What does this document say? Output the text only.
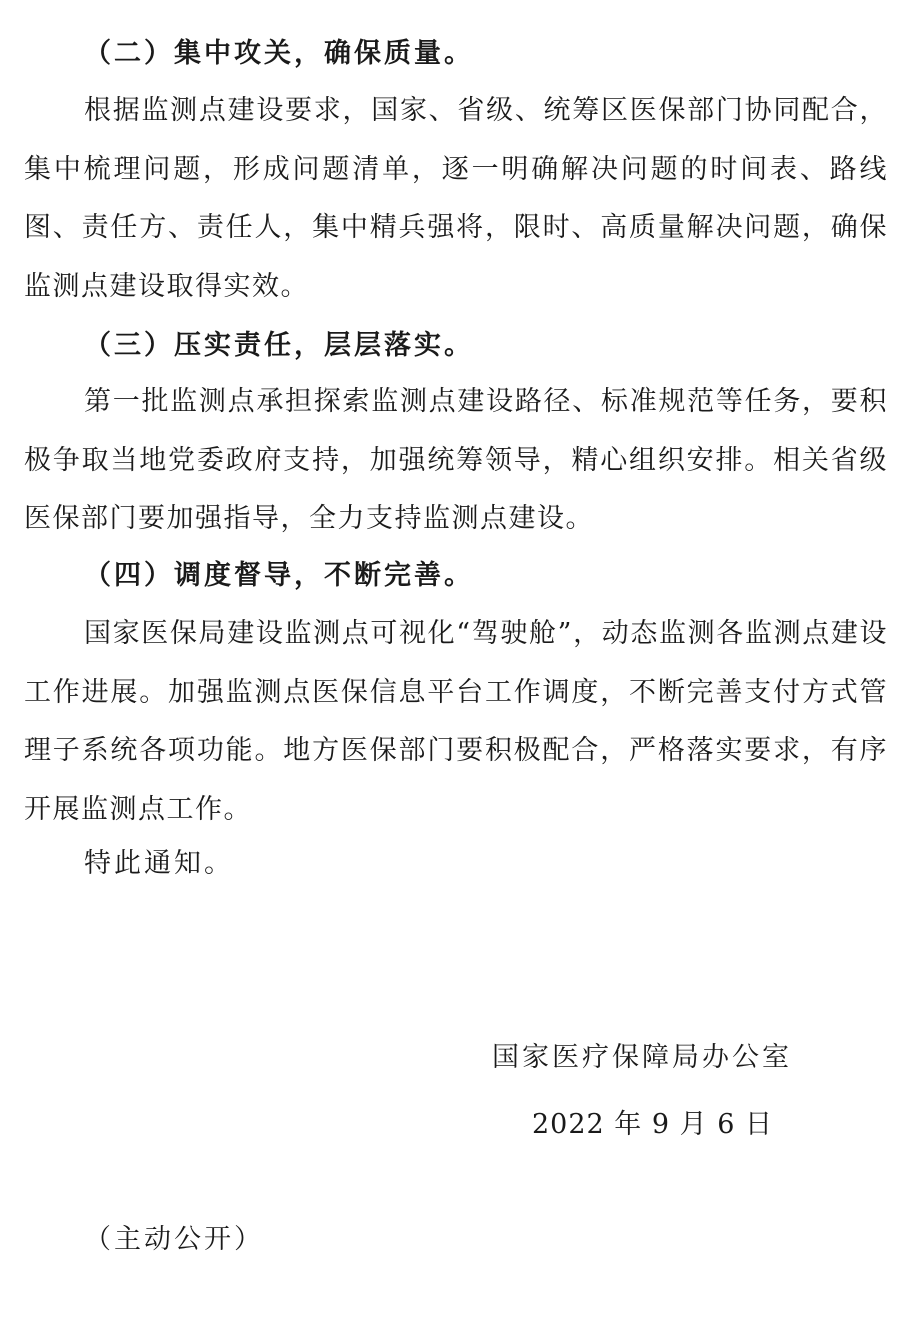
（二）集中攻关，确保质量。

根据监测点建设要求，国家、省级、统筹区医保部门协同配合，集中梳理问题，形成问题清单，逐一明确解决问题的时间表、路线图、责任方、责任人，集中精兵强将，限时、高质量解决问题，确保监测点建设取得实效。

（三）压实责任，层层落实。

第一批监测点承担探索监测点建设路径、标准规范等任务，要积极争取当地党委政府支持，加强统筹领导，精心组织安排。相关省级医保部门要加强指导，全力支持监测点建设。

（四）调度督导，不断完善。

国家医保局建设监测点可视化“驾驶舱”，动态监测各监测点建设工作进展。加强监测点医保信息平台工作调度，不断完善支付方式管理子系统各项功能。地方医保部门要积极配合，严格落实要求，有序开展监测点工作。

特此通知。
国家医疗保障局办公室
2022 年 9 月 6 日
（主动公开）
